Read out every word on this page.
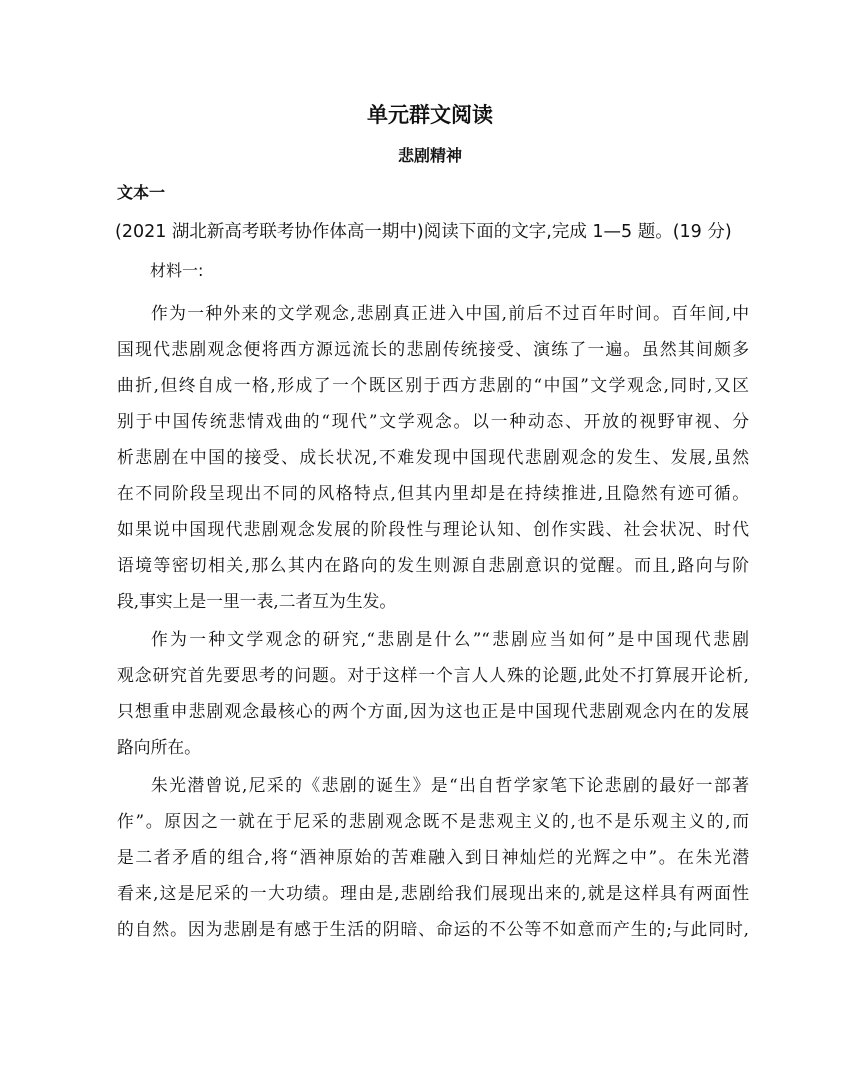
单元群文阅读
悲剧精神
文本一
(2021 湖北新高考联考协作体高一期中)阅读下面的文字,完成 1—5 题。(19 分)
材料一:
作为一种外来的文学观念,悲剧真正进入中国,前后不过百年时间。百年间,中
国现代悲剧观念便将西方源远流长的悲剧传统接受、演练了一遍。虽然其间颇多
曲折,但终自成一格,形成了一个既区别于西方悲剧的“中国”文学观念,同时,又区
别于中国传统悲情戏曲的“现代”文学观念。以一种动态、开放的视野审视、分
析悲剧在中国的接受、成长状况,不难发现中国现代悲剧观念的发生、发展,虽然
在不同阶段呈现出不同的风格特点,但其内里却是在持续推进,且隐然有迹可循。
如果说中国现代悲剧观念发展的阶段性与理论认知、创作实践、社会状况、时代
语境等密切相关,那么其内在路向的发生则源自悲剧意识的觉醒。而且,路向与阶
段,事实上是一里一表,二者互为生发。
作为一种文学观念的研究,“悲剧是什么”“悲剧应当如何”是中国现代悲剧
观念研究首先要思考的问题。对于这样一个言人人殊的论题,此处不打算展开论析,
只想重申悲剧观念最核心的两个方面,因为这也正是中国现代悲剧观念内在的发展
路向所在。
朱光潜曾说,尼采的《悲剧的诞生》是“出自哲学家笔下论悲剧的最好一部著
作”。原因之一就在于尼采的悲剧观念既不是悲观主义的,也不是乐观主义的,而
是二者矛盾的组合,将“酒神原始的苦难融入到日神灿烂的光辉之中”。在朱光潜
看来,这是尼采的一大功绩。理由是,悲剧给我们展现出来的,就是这样具有两面性
的自然。因为悲剧是有感于生活的阴暗、命运的不公等不如意而产生的;与此同时,
